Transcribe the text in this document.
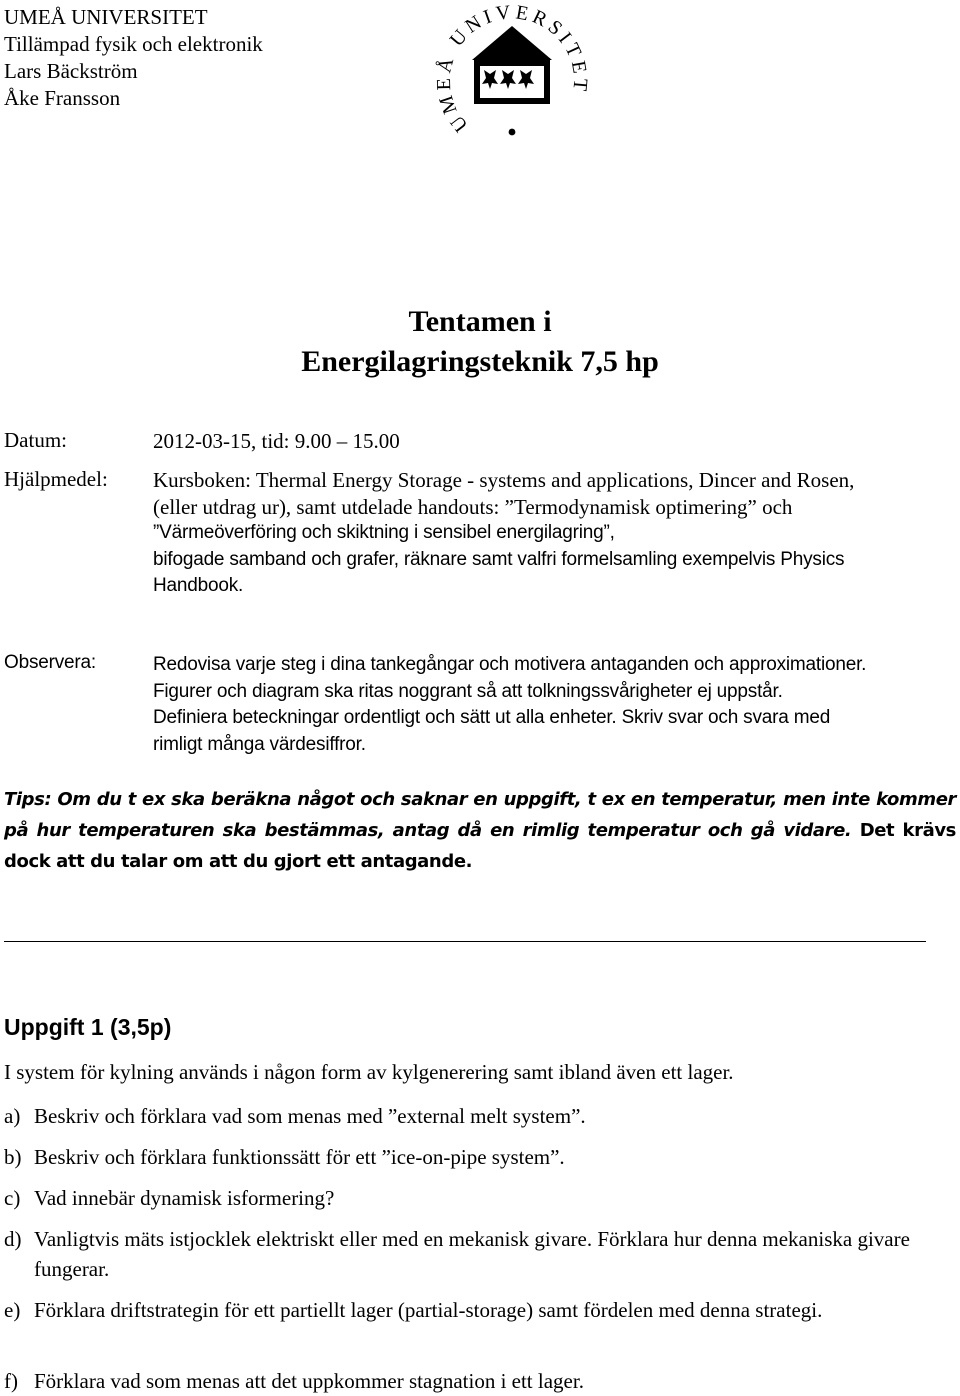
UMEÅ UNIVERSITET
Tillämpad fysik och elektronik
Lars Bäckström
Åke Fransson
UMEÅ UNIVERSITET
Tentamen i
Energilagringsteknik 7,5 hp
Datum:	2012-03-15, tid: 9.00 – 15.00
Hjälpmedel: Kursboken: Thermal Energy Storage - systems and applications, Dincer and Rosen,
(eller utdrag ur), samt utdelade handouts: ”Termodynamisk optimering” och
”Värmeöverföring och skiktning i sensibel energilagring”,
bifogade samband och grafer, räknare samt valfri formelsamling exempelvis Physics
Handbook.
Observera:	Redovisa varje steg i dina tankegångar och motivera antaganden och approximationer.
Figurer och diagram ska ritas noggrant så att tolkningssvårigheter ej uppstår.
Definiera beteckningar ordentligt och sätt ut alla enheter. Skriv svar och svara med
rimligt många värdesiffror.
Tips: Om du t ex ska beräkna något och saknar en uppgift, t ex en temperatur, men inte kommer på hur temperaturen ska bestämmas, antag då en rimlig temperatur och gå vidare. Det krävs dock att du talar om att du gjort ett antagande.
Uppgift 1 (3,5p)
I system för kylning används i någon form av kylgenerering samt ibland även ett lager.
a) Beskriv och förklara vad som menas med ”external melt system”.
b) Beskriv och förklara funktionssätt för ett ”ice-on-pipe system”.
c) Vad innebär dynamisk isformering?
d) Vanligtvis mäts istjocklek elektriskt eller med en mekanisk givare. Förklara hur denna mekaniska givare fungerar.
e) Förklara driftstrategin för ett partiellt lager (partial-storage) samt fördelen med denna strategi.
f) Förklara vad som menas att det uppkommer stagnation i ett lager.
